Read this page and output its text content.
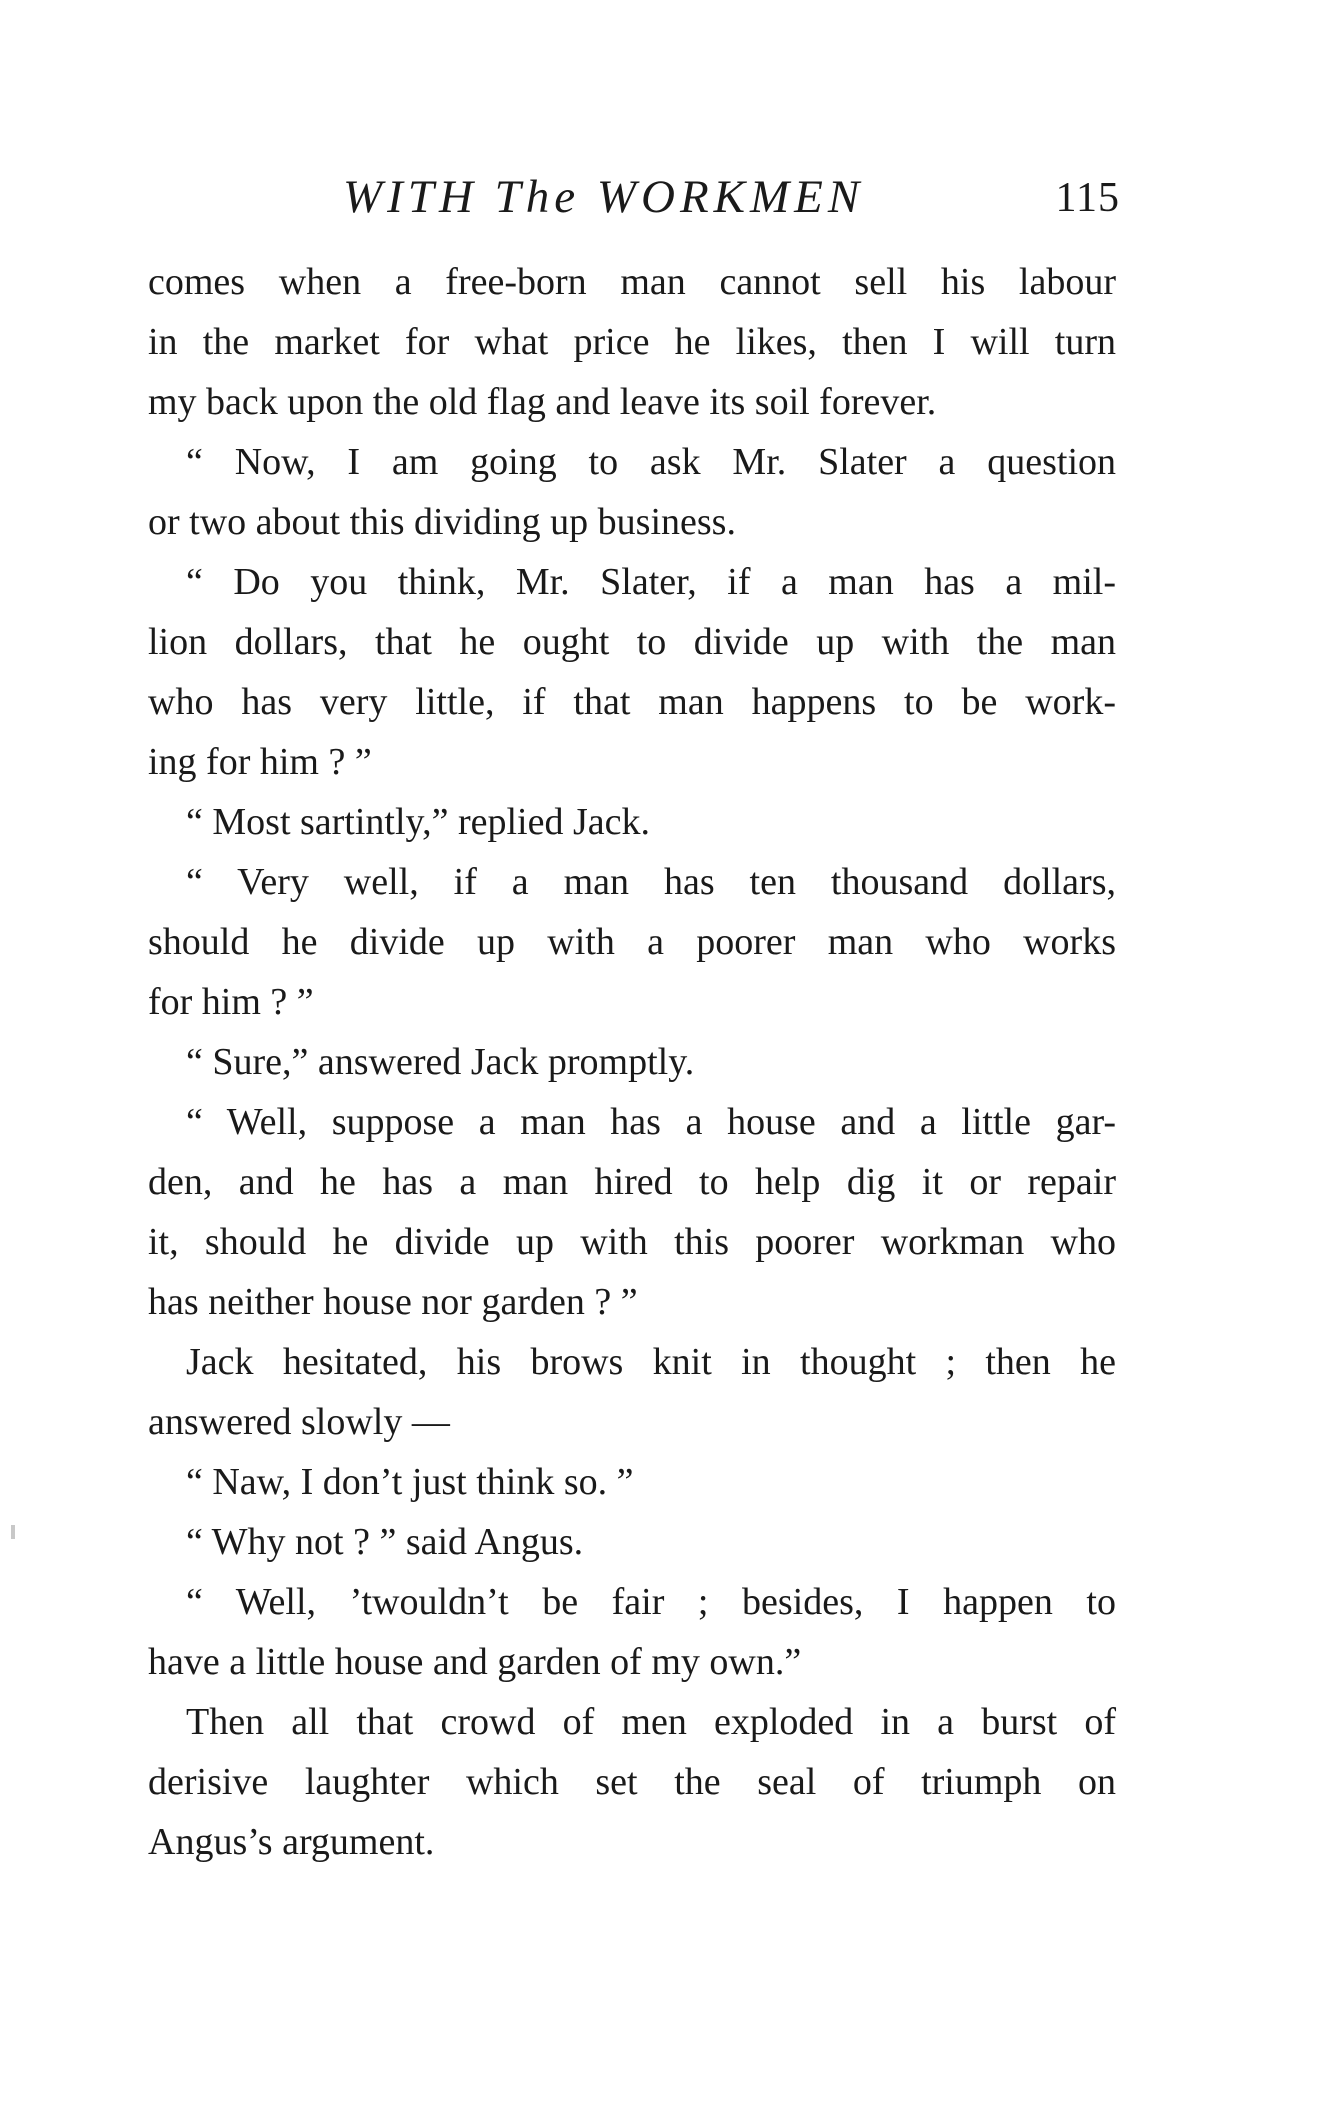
WITH The WORKMEN	115
comes when a free-born man cannot sell his labour
in the market for what price he likes, then I will turn
my back upon the old flag and leave its soil forever.
“ Now, I am going to ask Mr. Slater a question
or two about this dividing up business.
“ Do you think, Mr. Slater, if a man has a mil-
lion dollars, that he ought to divide up with the man
who has very little, if that man happens to be work-
ing for him ? ”
“ Most sartintly,” replied Jack.
“ Very well, if a man has ten thousand dollars,
should he divide up with a poorer man who works
for him ? ”
“ Sure,” answered Jack promptly.
“ Well, suppose a man has a house and a little gar-
den, and he has a man hired to help dig it or repair
it, should he divide up with this poorer workman who
has neither house nor garden ? ”
Jack hesitated, his brows knit in thought ; then he
answered slowly —
“ Naw, I don’t just think so. ”
“ Why not ? ” said Angus.
“ Well, ’twouldn’t be fair ; besides, I happen to
have a little house and garden of my own.”
Then all that crowd of men exploded in a burst of
derisive laughter which set the seal of triumph on
Angus’s argument.
